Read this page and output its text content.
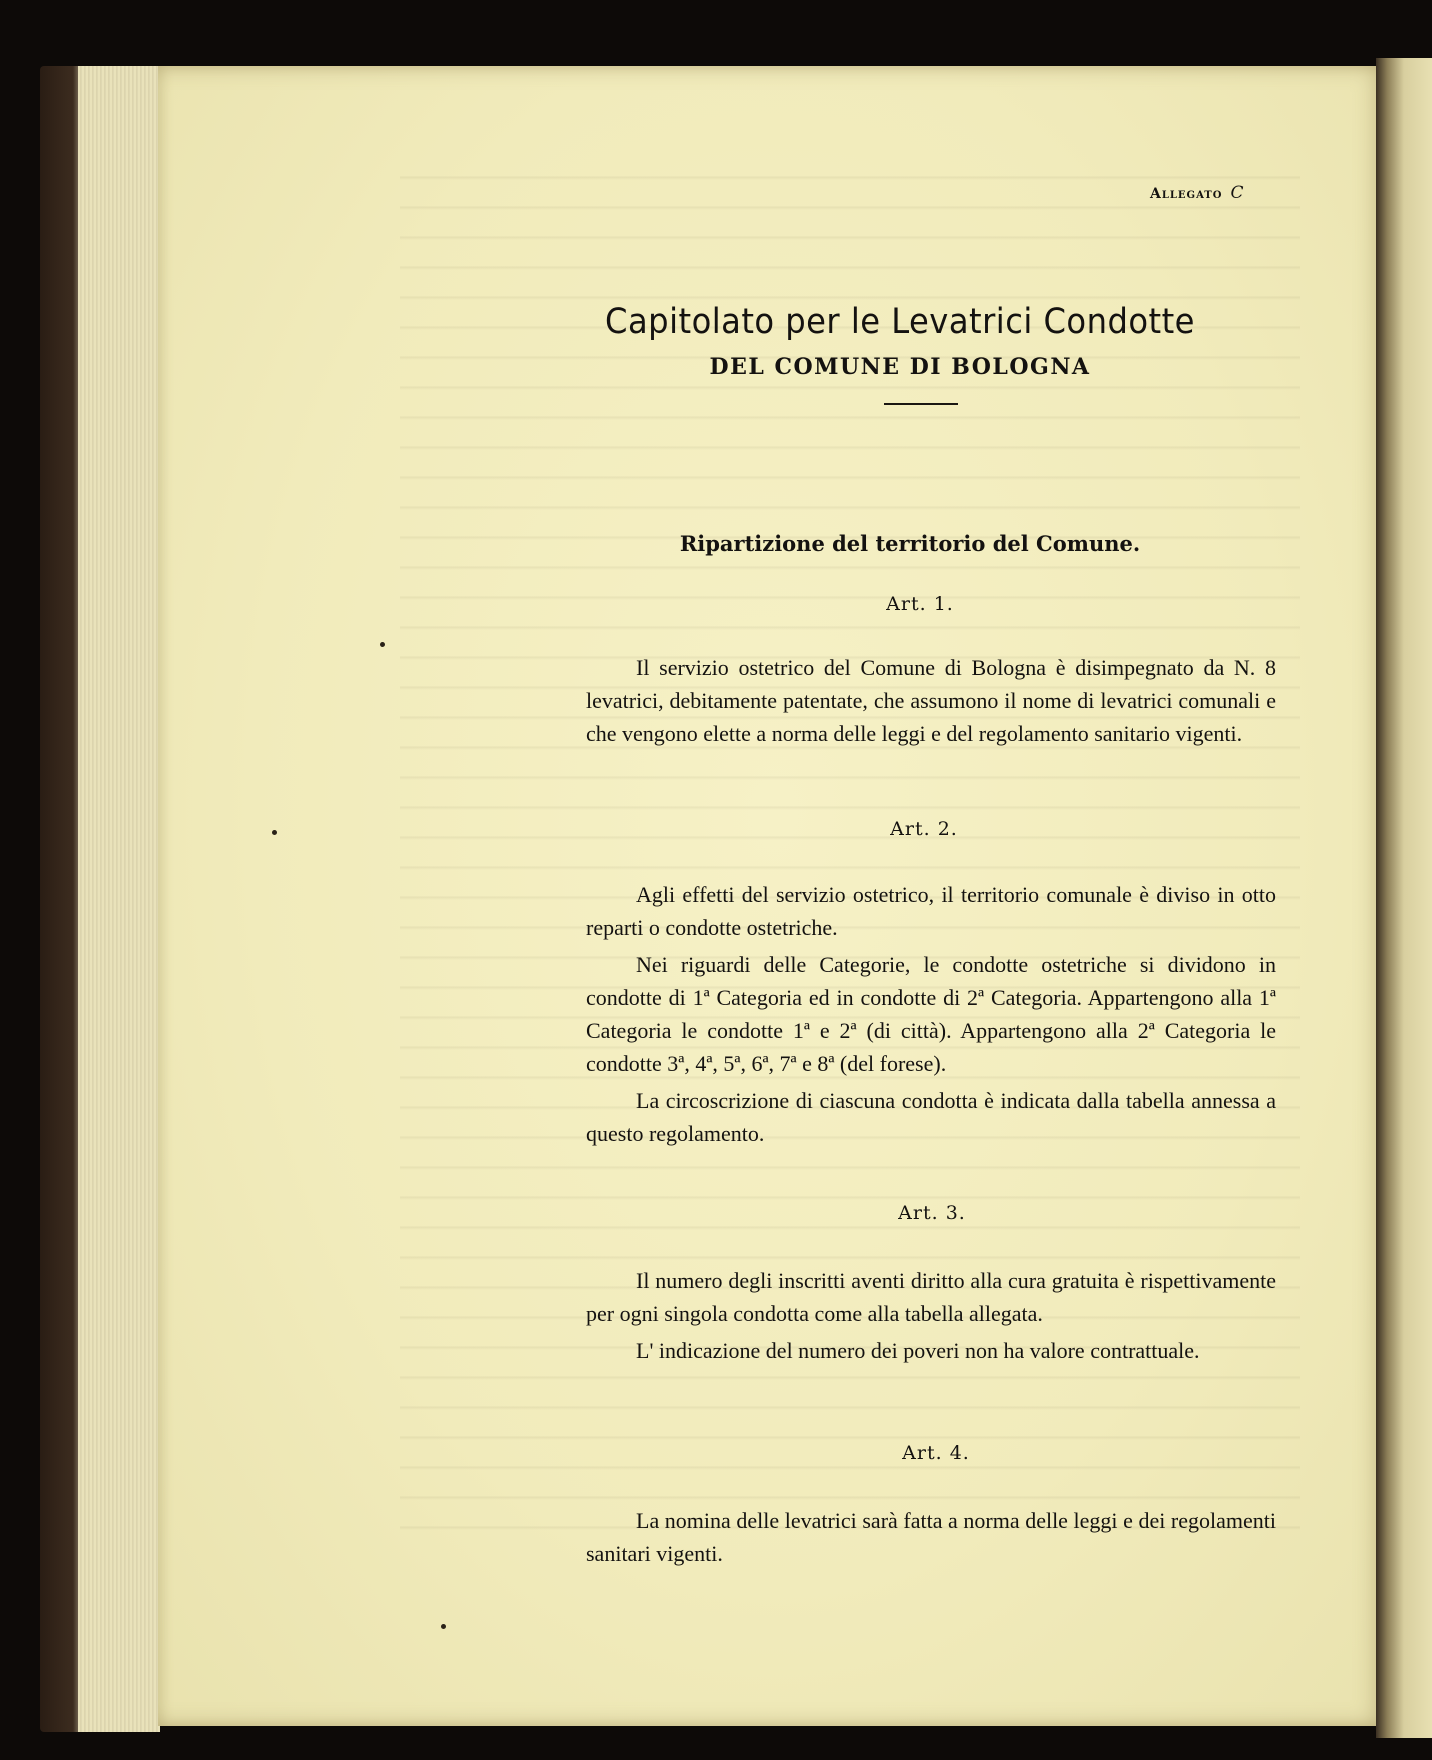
Allegato C
Capitolato per le Levatrici Condotte
DEL COMUNE DI BOLOGNA
Ripartizione del territorio del Comune.
Art. 1.

Il servizio ostetrico del Comune di Bologna è disimpegnato da N. 8 levatrici, debitamente patentate, che assumono il nome di levatrici comunali e che vengono elette a norma delle leggi e del regolamento sanitario vigenti.

Art. 2.

Agli effetti del servizio ostetrico, il territorio comunale è diviso in otto reparti o condotte ostetriche.

Nei riguardi delle Categorie, le condotte ostetriche si dividono in condotte di 1ª Categoria ed in condotte di 2ª Categoria. Appartengono alla 1ª Categoria le condotte 1ª e 2ª (di città). Appartengono alla 2ª Categoria le condotte 3ª, 4ª, 5ª, 6ª, 7ª e 8ª (del forese).

La circoscrizione di ciascuna condotta è indicata dalla tabella annessa a questo regolamento.

Art. 3.

Il numero degli inscritti aventi diritto alla cura gratuita è rispettivamente per ogni singola condotta come alla tabella allegata.

L' indicazione del numero dei poveri non ha valore contrattuale.

Art. 4.

La nomina delle levatrici sarà fatta a norma delle leggi e dei regolamenti sanitari vigenti.
